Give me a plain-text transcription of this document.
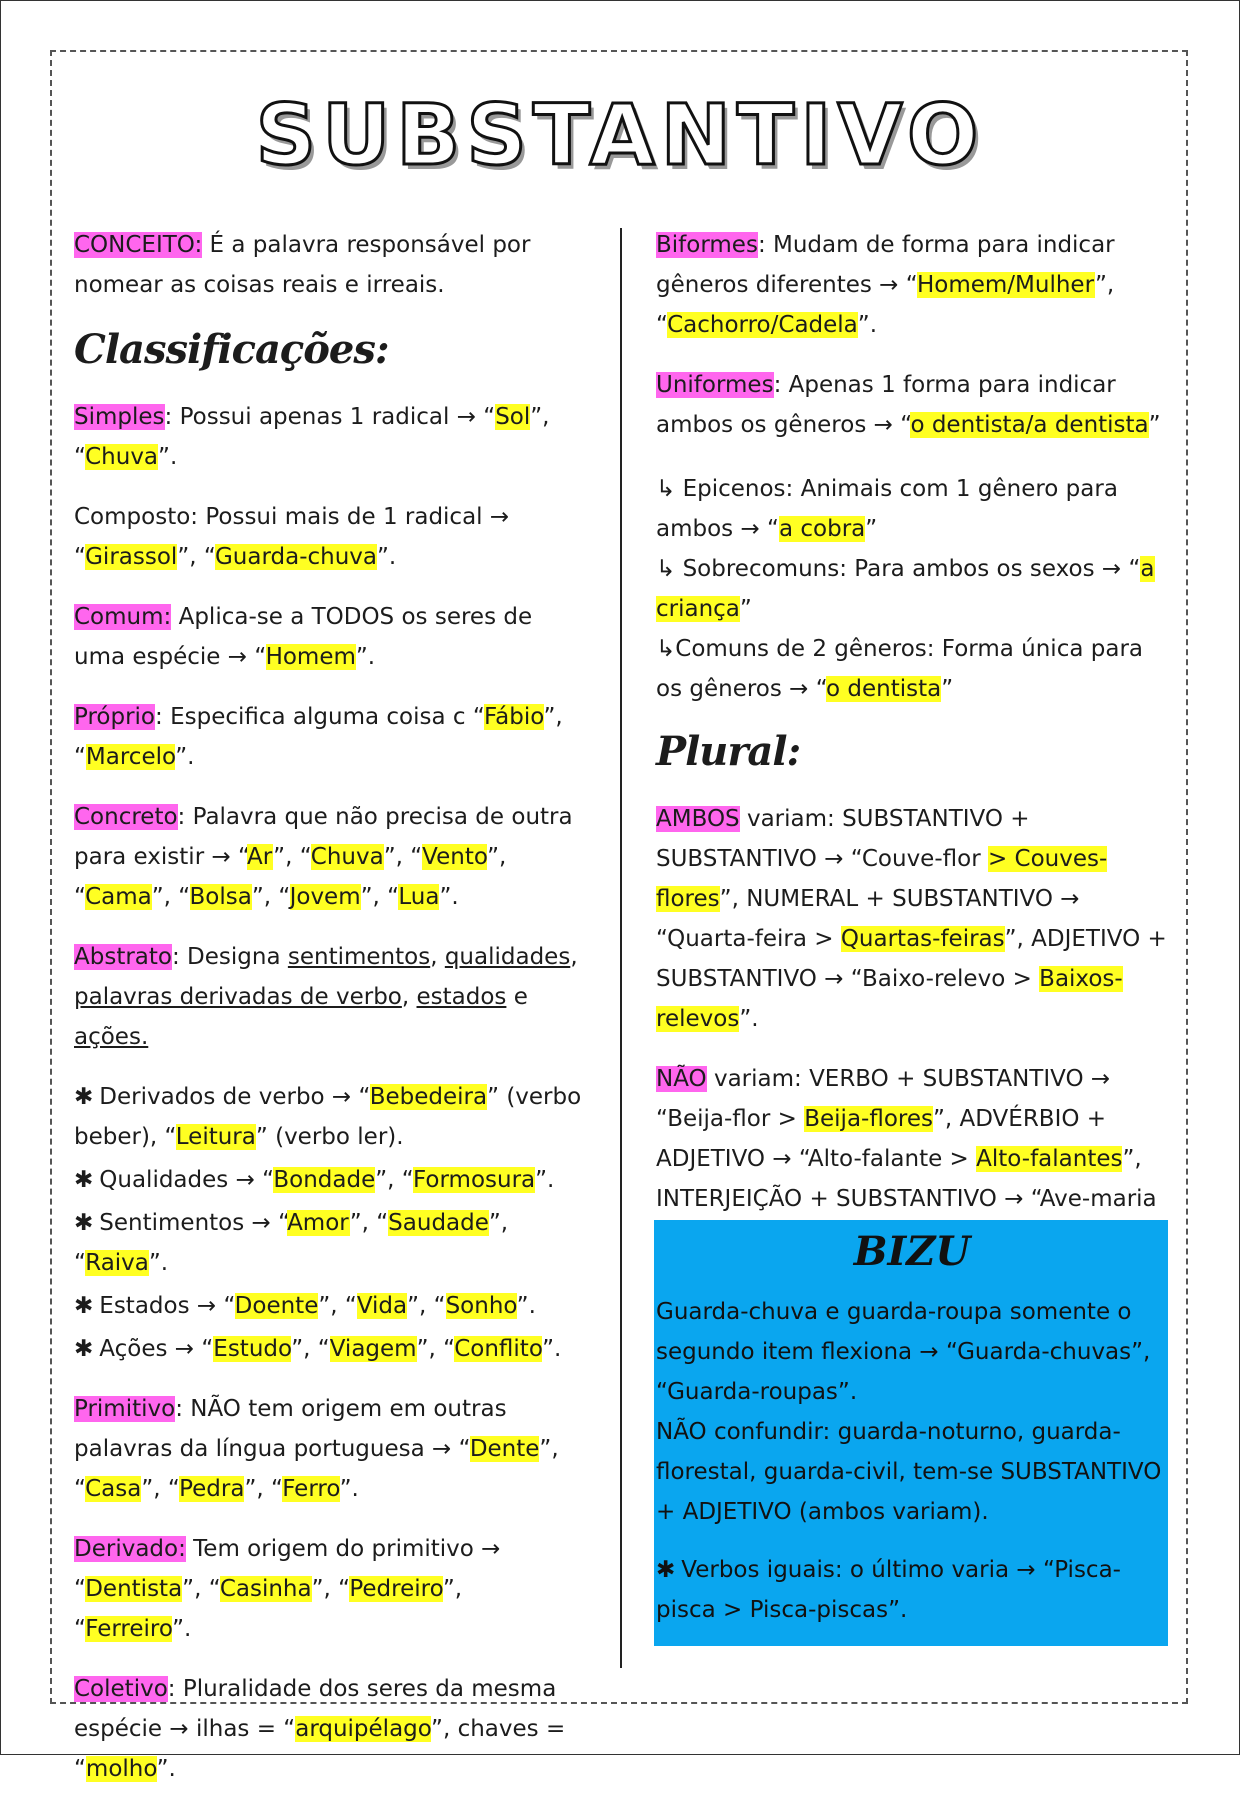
SUBSTANTIVO

CONCEITO: É a palavra responsável por nomear as coisas reais e irreais.

Classificações:

Simples: Possui apenas 1 radical → “Sol”, “Chuva”.

Composto: Possui mais de 1 radical → “Girassol”, “Guarda-chuva”.

Comum: Aplica-se a TODOS os seres de uma espécie → “Homem”.

Próprio: Especifica alguma coisa c “Fábio”, “Marcelo”.

Concreto: Palavra que não precisa de outra para existir → “Ar”, “Chuva”, “Vento”, “Cama”, “Bolsa”, “Jovem”, “Lua”.

Abstrato: Designa sentimentos, qualidades, palavras derivadas de verbo, estados e ações.

✱ Derivados de verbo → “Bebedeira” (verbo beber), “Leitura” (verbo ler).
✱ Qualidades → “Bondade”, “Formosura”.
✱ Sentimentos → “Amor”, “Saudade”, “Raiva”.
✱ Estados → “Doente”, “Vida”, “Sonho”.
✱ Ações → “Estudo”, “Viagem”, “Conflito”.

Primitivo: NÃO tem origem em outras palavras da língua portuguesa → “Dente”, “Casa”, “Pedra”, “Ferro”.

Derivado: Tem origem do primitivo → “Dentista”, “Casinha”, “Pedreiro”, “Ferreiro”.

Coletivo: Pluralidade dos seres da mesma espécie → ilhas = “arquipélago”, chaves = “molho”.

Biformes: Mudam de forma para indicar gêneros diferentes → “Homem/Mulher”, “Cachorro/Cadela”.

Uniformes: Apenas 1 forma para indicar ambos os gêneros → “o dentista/a dentista”

↳ Epicenos: Animais com 1 gênero para ambos → “a cobra”
↳ Sobrecomuns: Para ambos os sexos → “a criança”
↳Comuns de 2 gêneros: Forma única para os gêneros → “o dentista”
Plural:

AMBOS variam: SUBSTANTIVO + SUBSTANTIVO → “Couve-flor > Couves-flores”, NUMERAL + SUBSTANTIVO → “Quarta-feira > Quartas-feiras”, ADJETIVO + SUBSTANTIVO → “Baixo-relevo > Baixos-relevos”.

NÃO variam: VERBO + SUBSTANTIVO → “Beija-flor > Beija-flores”, ADVÉRBIO + ADJETIVO → “Alto-falante > Alto-falantes”, INTERJEIÇÃO + SUBSTANTIVO → “Ave-maria

BIZU

Guarda-chuva e guarda-roupa somente o segundo item flexiona → “Guarda-chuvas”, “Guarda-roupas”.
NÃO confundir: guarda-noturno, guarda-florestal, guarda-civil, tem-se SUBSTANTIVO + ADJETIVO (ambos variam).

✱ Verbos iguais: o último varia → “Pisca-pisca > Pisca-piscas”.
